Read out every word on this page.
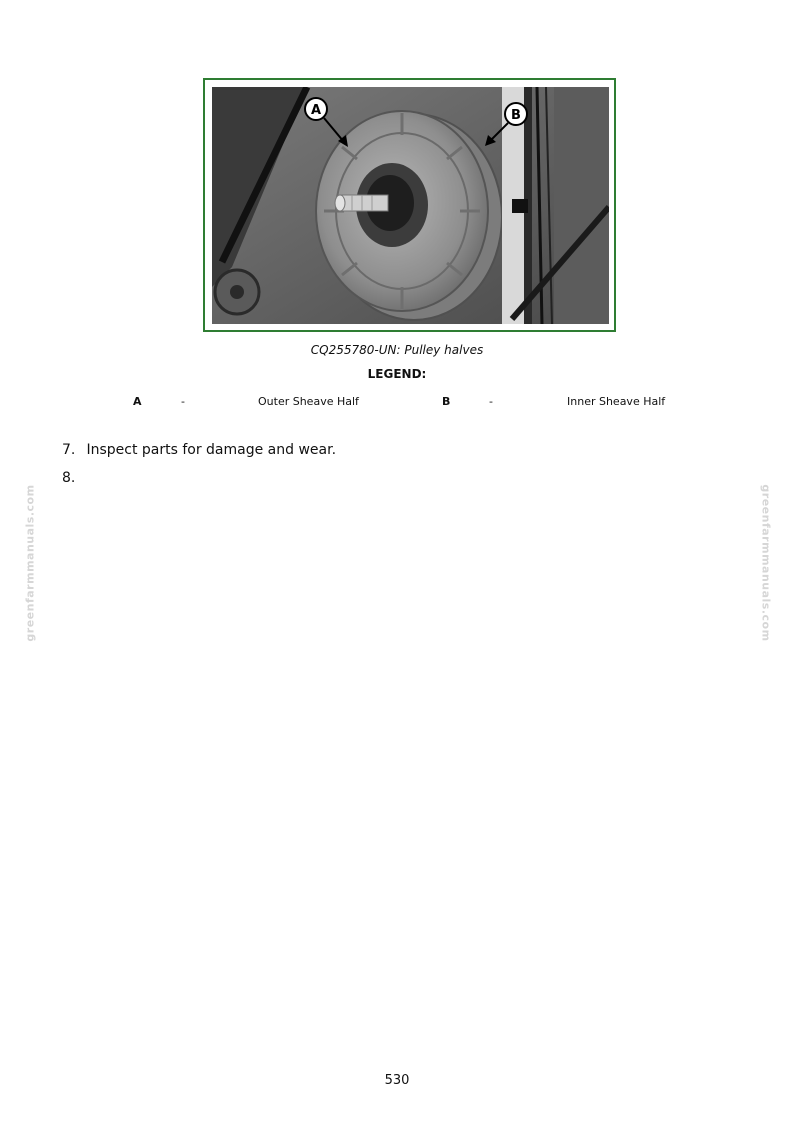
A	B
CQ255780-UN: Pulley halves
LEGEND:
A	-	Outer Sheave Half	B	-	Inner Sheave Half
7. Inspect parts for damage and wear.
8.
greenfarmmanuals.com	greenfarmmanuals.com
530
